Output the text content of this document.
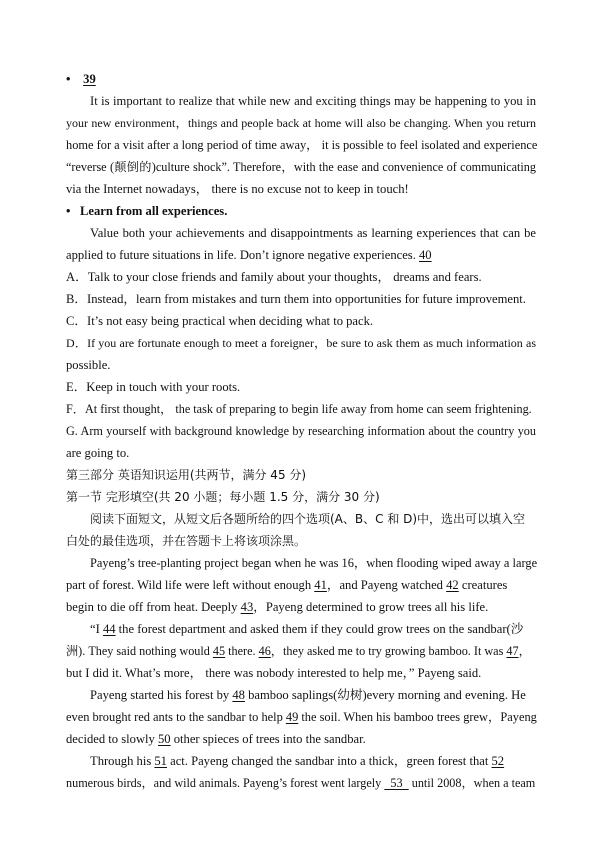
• 39
It is important to realize that while new and exciting things may be happening to you in
your new environment，things and people back at home will also be changing. When you return
home for a visit after a long period of time away， it is possible to feel isolated and experience
“reverse (颠倒的)culture shock”. Therefore，with the ease and convenience of communicating
via the Internet nowadays， there is no excuse not to keep in touch!
• Learn from all experiences.
Value both your achievements and disappointments as learning experiences that can be
applied to future situations in life. Don’t ignore negative experiences. 40
A．Talk to your close friends and family about your thoughts， dreams and fears.
B．Instead，learn from mistakes and turn them into opportunities for future improvement.
C．It’s not easy being practical when deciding what to pack.
D．If you are fortunate enough to meet a foreigner，be sure to ask them as much information as
possible.
E．Keep in touch with your roots.
F．At first thought， the task of preparing to begin life away from home can seem frightening.
G. Arm yourself with background knowledge by researching information about the country you
are going to.
第三部分 英语知识运用(共两节，满分 45 分)
第一节 完形填空(共 20 小题；每小题 1.5 分，满分 30 分)
阅读下面短文，从短文后各题所给的四个选项(A、B、C 和 D)中，选出可以填入空
白处的最佳选项，并在答题卡上将该项涂黑。
Payeng’s tree-planting project began when he was 16，when flooding wiped away a large
part of forest. Wild life were left without enough 41，and Payeng watched 42 creatures
begin to die off from heat. Deeply 43，Payeng determined to grow trees all his life.
“I 44 the forest department and asked them if they could grow trees on the sandbar(沙
洲). They said nothing would 45 there. 46，they asked me to try growing bamboo. It was 47，
but I did it. What’s more， there was nobody interested to help me，” Payeng said.
Payeng started his forest by 48 bamboo saplings(幼树)every morning and evening. He
even brought red ants to the sandbar to help 49 the soil. When his bamboo trees grew，Payeng
decided to slowly 50 other spieces of trees into the sandbar.
Through his 51 act. Payeng changed the sandbar into a thick，green forest that 52
numerous birds，and wild animals. Payeng’s forest went largely   53   until 2008，when a team
